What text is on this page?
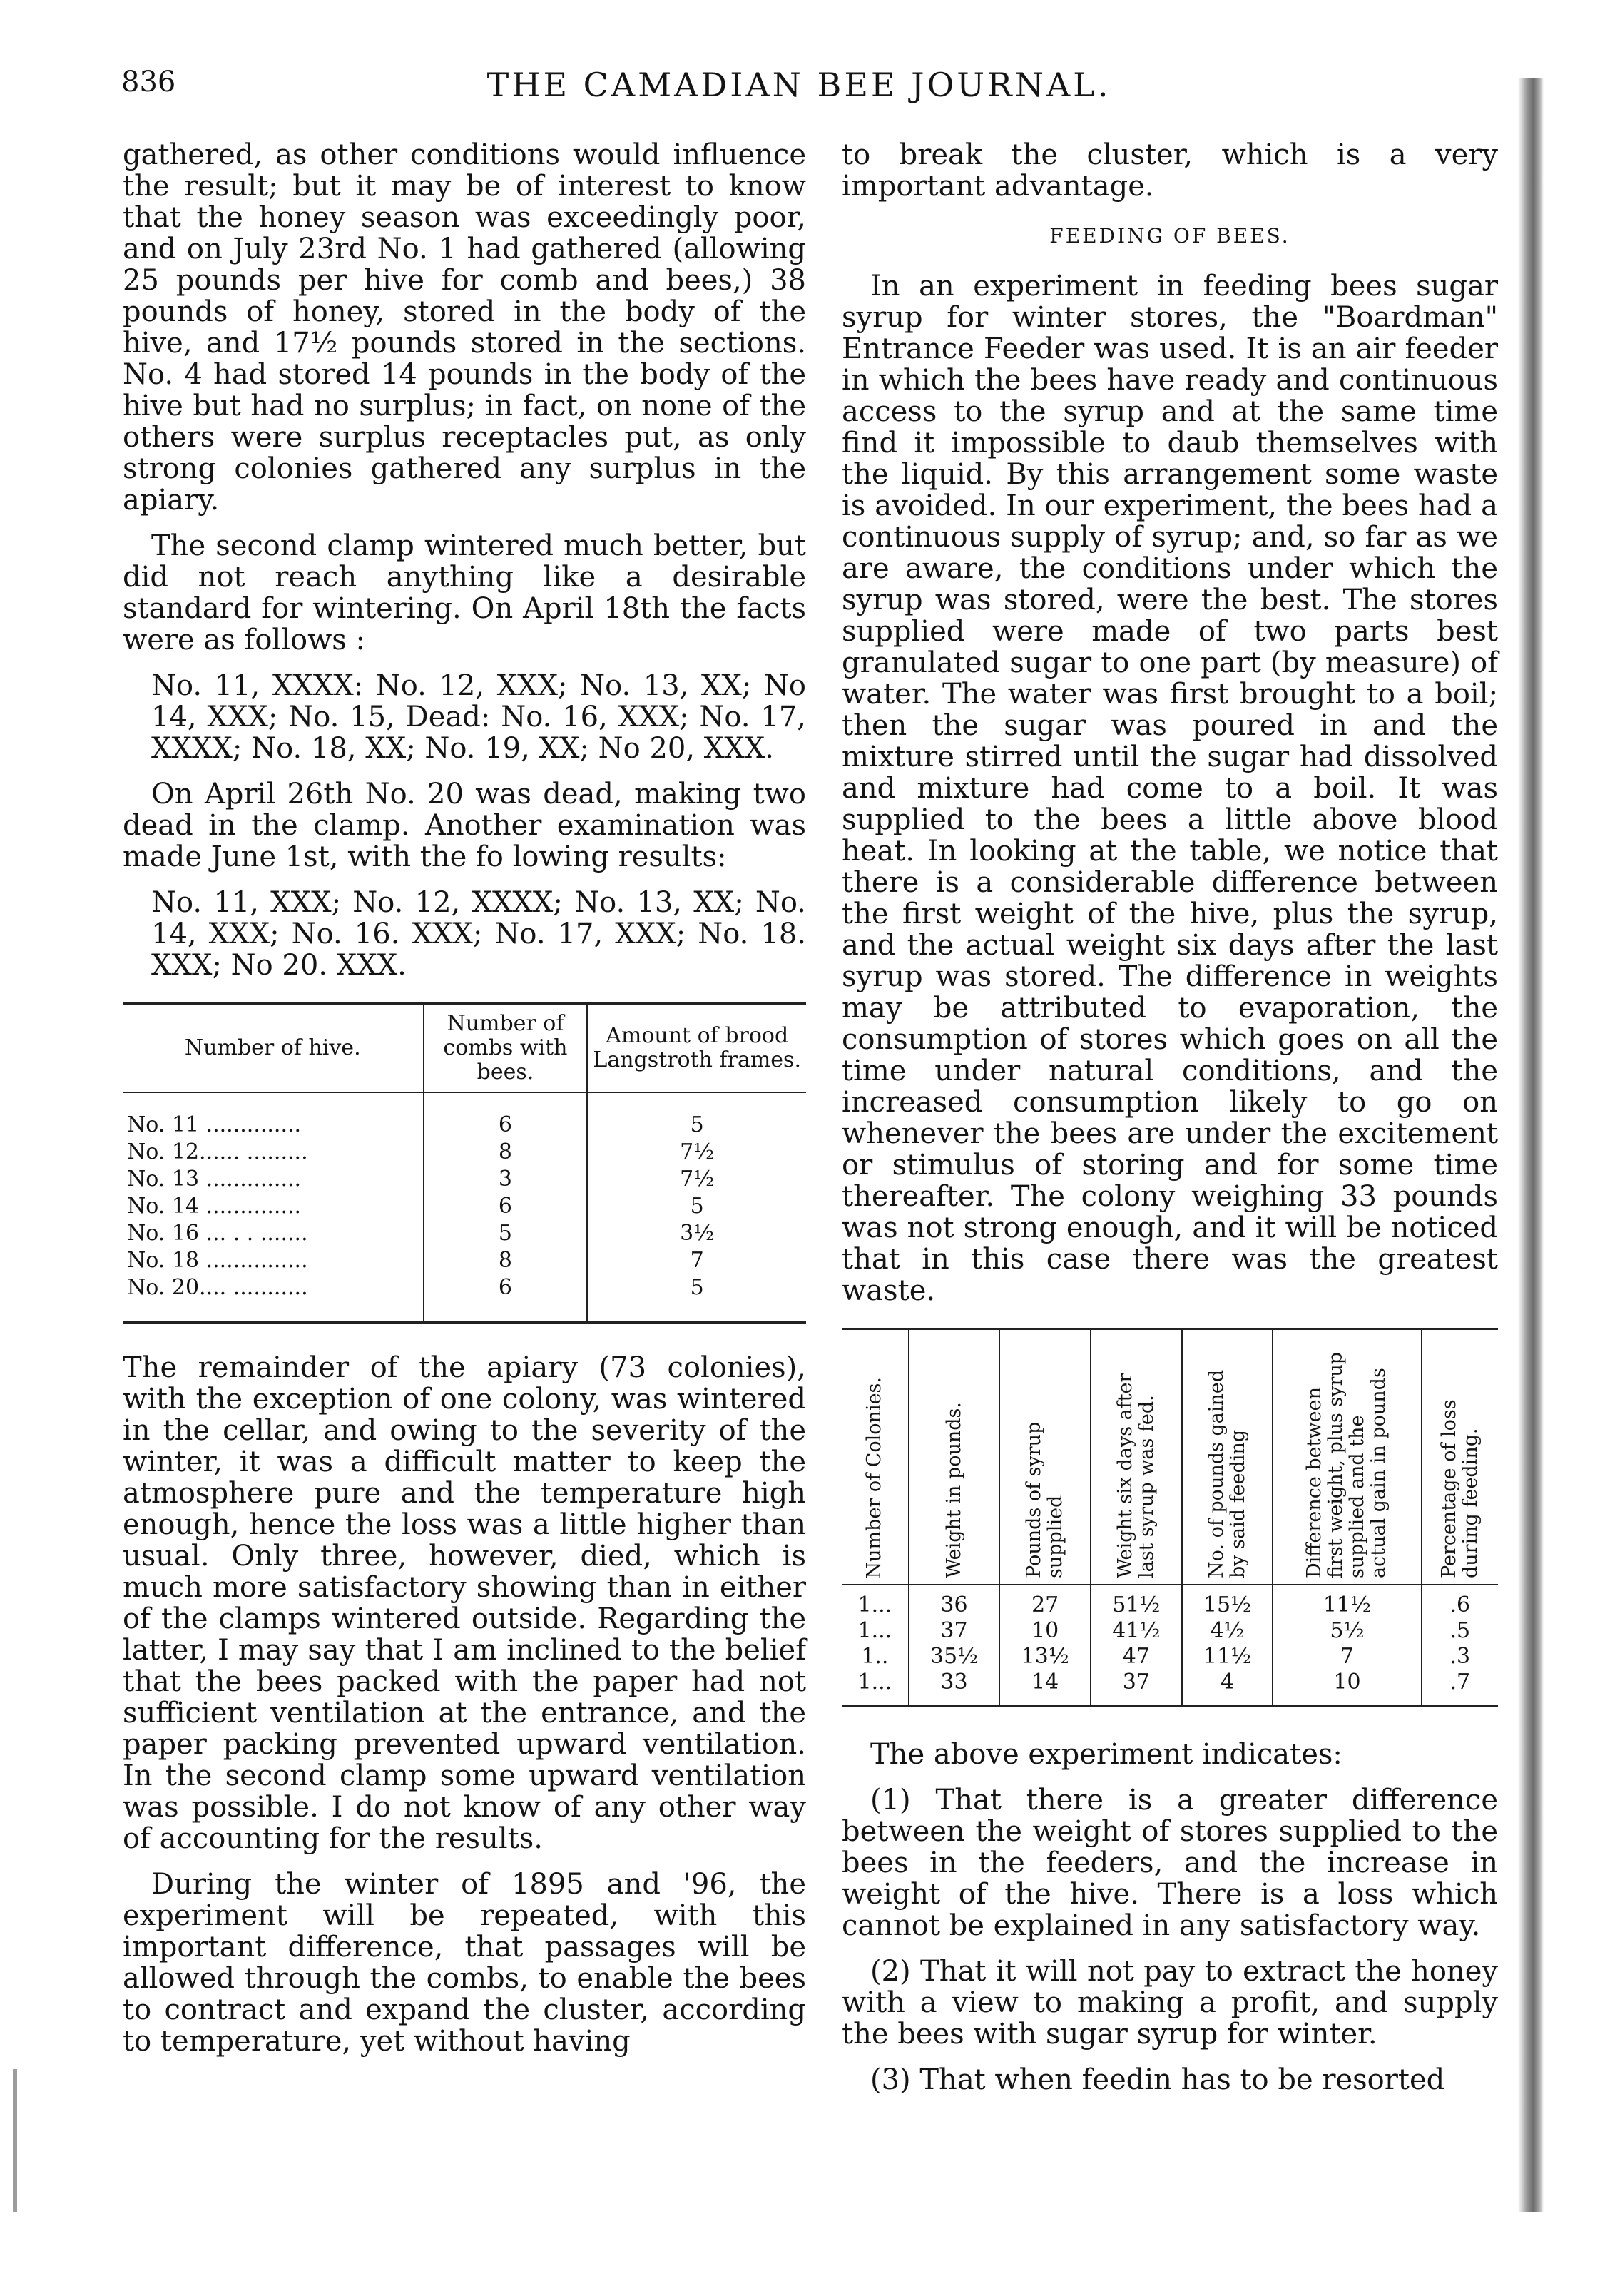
836	THE CAMADIAN BEE JOURNAL.

gathered, as other conditions would influence the result; but it may be of interest to know that the honey season was exceedingly poor, and on July 23rd No. 1 had gathered (allowing 25 pounds per hive for comb and bees,) 38 pounds of honey, stored in the body of the hive, and 17½ pounds stored in the sections. No. 4 had stored 14 pounds in the body of the hive but had no surplus; in fact, on none of the others were surplus receptacles put, as only strong colonies gathered any surplus in the apiary.

The second clamp wintered much better, but did not reach anything like a desirable standard for wintering. On April 18th the facts were as follows :

No. 11, XXXX: No. 12, XXX; No. 13, XX; No 14, XXX; No. 15, Dead: No. 16, XXX; No. 17, XXXX; No. 18, XX; No. 19, XX; No 20, XXX.

On April 26th No. 20 was dead, making two dead in the clamp. Another examination was made June 1st, with the fo lowing results:

No. 11, XXX; No. 12, XXXX; No. 13, XX; No. 14, XXX; No. 16. XXX; No. 17, XXX; No. 18. XXX; No 20. XXX.

Number of hive.	Number of combs with bees.	Amount of brood Langstroth frames.
No. 11 ..............	6	5
No. 12...... .........	8	7½
No. 13 ..............	3	7½
No. 14 ..............	6	5
No. 16 ... . . .......	5	3½
No. 18 ...............	8	7
No. 20.... ...........	6	5

The remainder of the apiary (73 colonies), with the exception of one colony, was wintered in the cellar, and owing to the severity of the winter, it was a difficult matter to keep the atmosphere pure and the temperature high enough, hence the loss was a little higher than usual. Only three, however, died, which is much more satisfactory showing than in either of the clamps wintered outside. Regarding the latter, I may say that I am inclined to the belief that the bees packed with the paper had not sufficient ventilation at the entrance, and the paper packing prevented upward ventilation. In the second clamp some upward ventilation was possible. I do not know of any other way of accounting for the results.

During the winter of 1895 and '96, the experiment will be repeated, with this important difference, that passages will be allowed through the combs, to enable the bees to contract and expand the cluster, according to temperature, yet without having

to break the cluster, which is a very important advantage.

FEEDING OF BEES.

In an experiment in feeding bees sugar syrup for winter stores, the "Boardman" Entrance Feeder was used. It is an air feeder in which the bees have ready and continuous access to the syrup and at the same time find it impossible to daub themselves with the liquid. By this arrangement some waste is avoided. In our experiment, the bees had a continuous supply of syrup; and, so far as we are aware, the conditions under which the syrup was stored, were the best. The stores supplied were made of two parts best granulated sugar to one part (by measure) of water. The water was first brought to a boil; then the sugar was poured in and the mixture stirred until the sugar had dissolved and mixture had come to a boil. It was supplied to the bees a little above blood heat. In looking at the table, we notice that there is a considerable difference between the first weight of the hive, plus the syrup, and the actual weight six days after the last syrup was stored. The difference in weights may be attributed to evaporation, the consumption of stores which goes on all the time under natural conditions, and the increased consumption likely to go on whenever the bees are under the excitement or stimulus of storing and for some time thereafter. The colony weighing 33 pounds was not strong enough, and it will be noticed that in this case there was the greatest waste.

Number of Colonies.	Weight in pounds.	Pounds of syrup supplied	Weight six days after last syrup was fed.	No. of pounds gained by said feeding	Difference between first weight, plus syrup supplied and the actual gain in pounds	Percentage of loss during feeding.

1...	36	27	51½	15½	11½	.6
1...	37	10	41½	4½	5½	.5
1..	35½	13½	47	11½	7	.3
1...	33	14	37	4	10	.7

The above experiment indicates:

(1) That there is a greater difference between the weight of stores supplied to the bees in the feeders, and the increase in weight of the hive. There is a loss which cannot be explained in any satisfactory way.

(2) That it will not pay to extract the honey with a view to making a profit, and supply the bees with sugar syrup for winter.

(3) That when feedin has to be resorted
